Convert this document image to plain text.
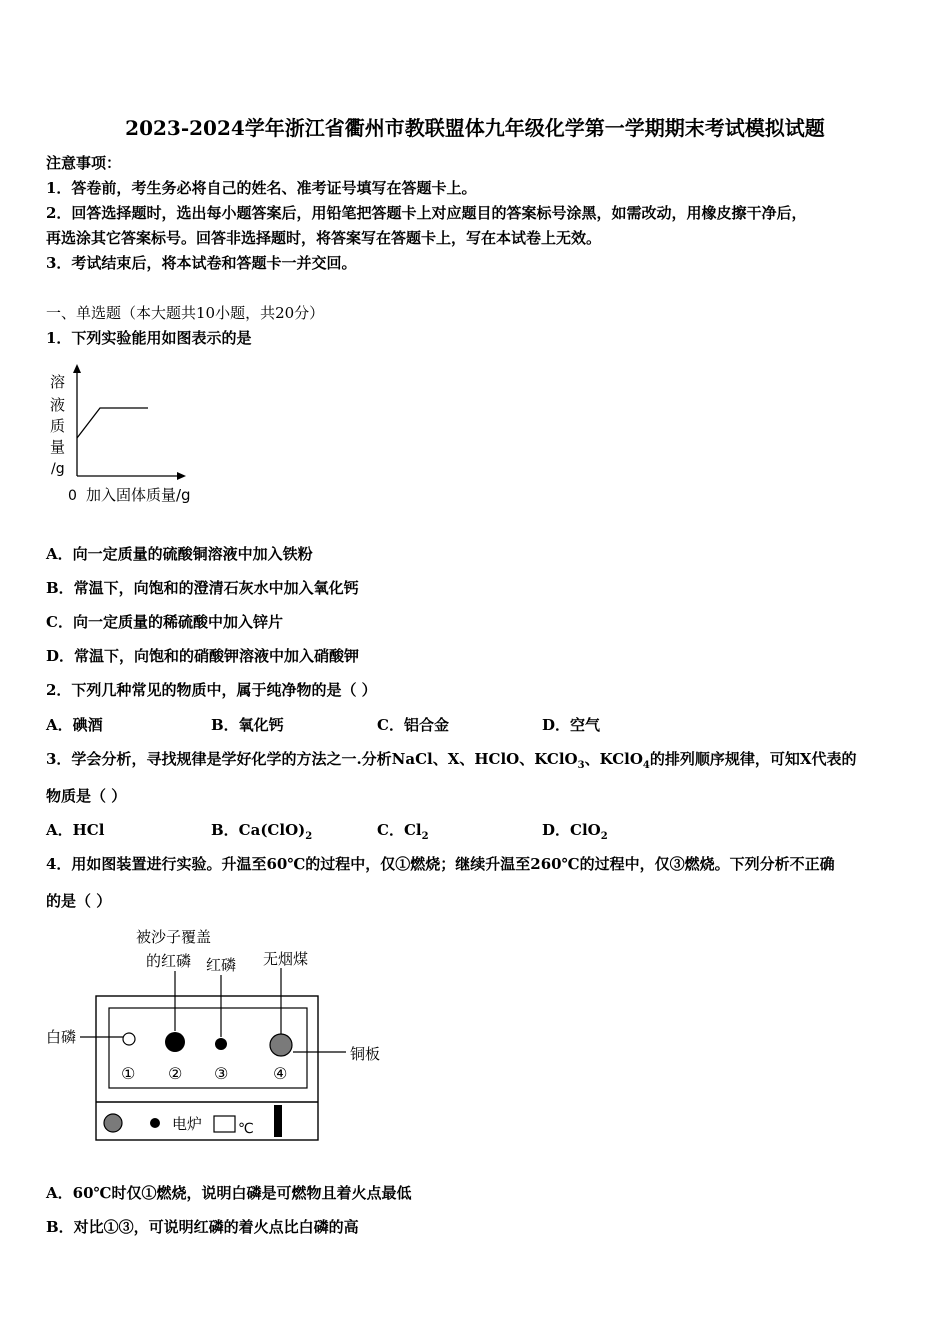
2023-2024学年浙江省衢州市教联盟体九年级化学第一学期期末考试模拟试题
注意事项：
1．答卷前，考生务必将自己的姓名、准考证号填写在答题卡上。
2．回答选择题时，选出每小题答案后，用铅笔把答题卡上对应题目的答案标号涂黑，如需改动，用橡皮擦干净后，
再选涂其它答案标号。回答非选择题时，将答案写在答题卡上，写在本试卷上无效。
3．考试结束后，将本试卷和答题卡一并交回。
一、单选题（本大题共10小题，共20分）
1．下列实验能用如图表示的是
溶
液
质
量
/g
0 加入固体质量/g
A．向一定质量的硫酸铜溶液中加入铁粉
B．常温下，向饱和的澄清石灰水中加入氧化钙
C．向一定质量的稀硫酸中加入锌片
D．常温下，向饱和的硝酸钾溶液中加入硝酸钾
2．下列几种常见的物质中，属于纯净物的是（ ）
A．碘酒	B．氧化钙	C．铝合金	D．空气
3．学会分析，寻找规律是学好化学的方法之一.分析NaCl、X、HClO、KClO$_3$、KClO$_4$的排列顺序规律，可知X代表的
物质是（ ）
A．HCl	B．$Ca(ClO)_2$	C．$Cl_2$	D．ClO$_2$
4．用如图装置进行实验。升温至60℃的过程中，仅①燃烧；继续升温至260℃的过程中，仅③燃烧。下列分析不正确
的是（ ）
被沙子覆盖
的红磷 红磷 无烟煤
白磷
铜板
① ② ③	④
电炉	℃
A．60℃时仅①燃烧，说明白磷是可燃物且着火点最低
B．对比①③，可说明红磷的着火点比白磷的高
